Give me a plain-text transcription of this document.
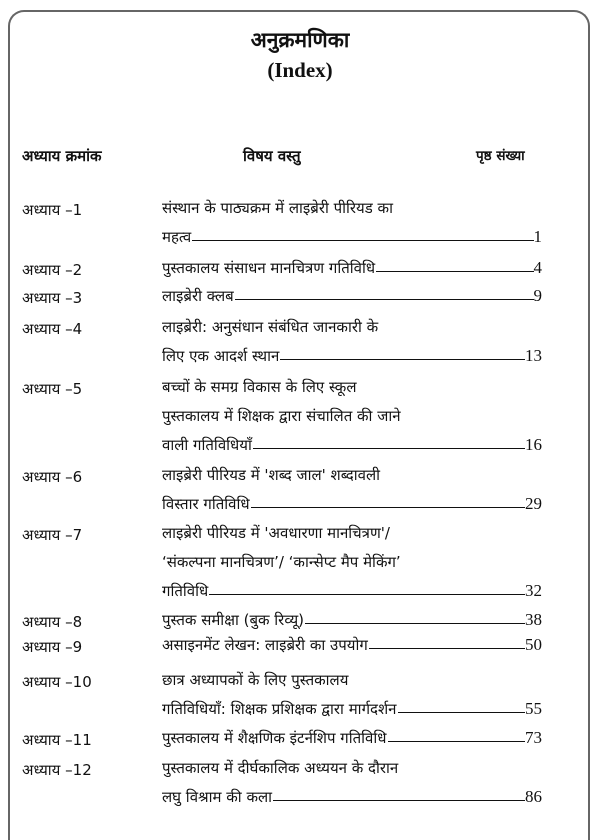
अनुक्रमणिका
(Index)
अध्याय क्रमांक	विषय वस्तु	पृष्ठ संख्या
अध्याय –1	संस्थान के पाठ्यक्रम में लाइब्रेरी पीरियड का
महत्व	1
अध्याय –2	पुस्तकालय संसाधन मानचित्रण गतिविधि	4
अध्याय –3	लाइब्रेरी क्लब	9
अध्याय –4	लाइब्रेरी: अनुसंधान संबंधित जानकारी के
लिए एक आदर्श स्थान	13
अध्याय –5	बच्चों के समग्र विकास के लिए स्कूल
पुस्तकालय में शिक्षक द्वारा संचालित की जाने
वाली गतिविधियाँ	16
अध्याय –6	लाइब्रेरी पीरियड में 'शब्द जाल' शब्दावली
विस्तार गतिविधि	29
अध्याय –7	लाइब्रेरी पीरियड में 'अवधारणा मानचित्रण'/
‘संकल्पना मानचित्रण’/ ‘कान्सेप्ट मैप मेकिंग’
गतिविधि	32
अध्याय –8	पुस्तक समीक्षा (बुक रिव्यू)	38
अध्याय –9	असाइनमेंट लेखन: लाइब्रेरी का उपयोग	50
अध्याय –10	छात्र अध्यापकों के लिए पुस्तकालय
गतिविधियाँ: शिक्षक प्रशिक्षक द्वारा मार्गदर्शन	55
अध्याय –11	पुस्तकालय में शैक्षणिक इंटर्नशिप गतिविधि	73
अध्याय –12	पुस्तकालय में दीर्घकालिक अध्ययन के दौरान
लघु विश्राम की कला	86
